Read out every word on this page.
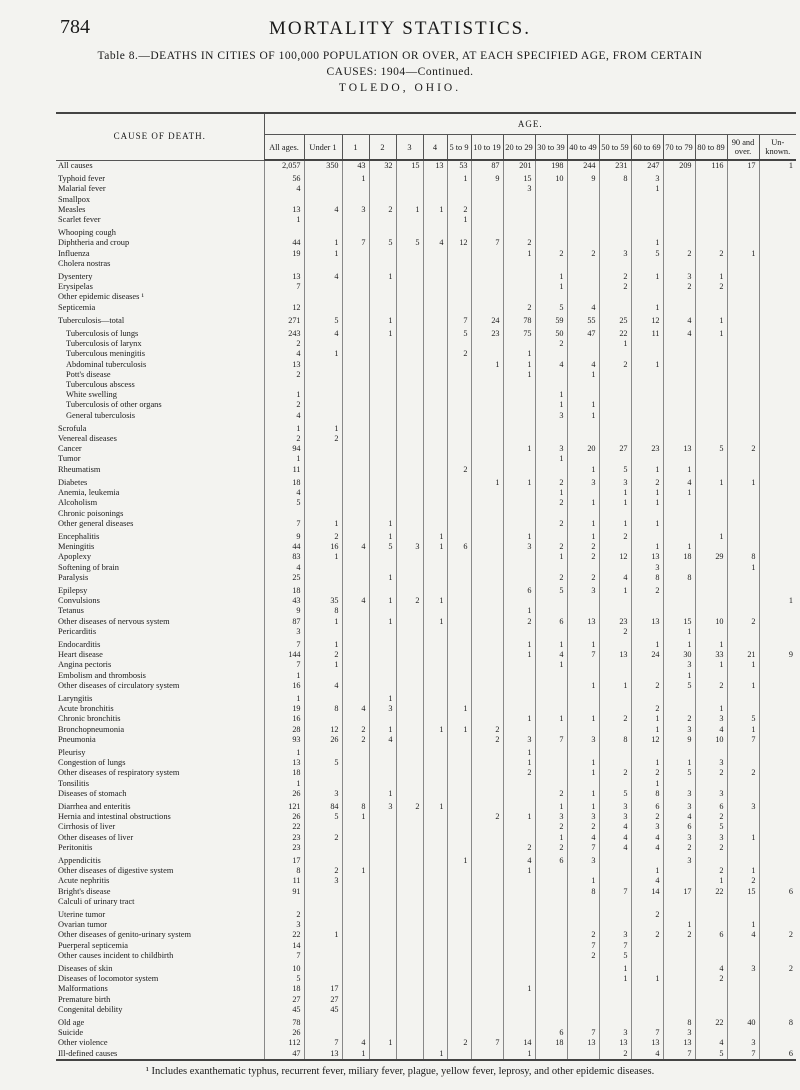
784	MORTALITY STATISTICS.
Table 8.—DEATHS IN CITIES OF 100,000 POPULATION OR OVER, AT EACH SPECIFIED AGE, FROM CERTAIN
CAUSES: 1904—Continued.
TOLEDO, OHIO.
CAUSE OF DEATH.	AGE.																
	All ages.	Under 1	1	2	3	4	5 to 9	10 to 19	20 to 29	30 to 39	40 to 49	50 to 59	60 to 69	70 to 79	80 to 89	90 and over.	Un-known.
All causes	2,057	350	43	32	15	13	53	87	201	198	244	231	247	209	116	17	1
Typhoid fever	56		1				1	9	15	10	9	8	3				
Malarial fever	4								3				1				
Smallpox																	
Measles	13	4	3	2	1	1	2										
Scarlet fever	1						1										
Whooping cough																	
Diphtheria and croup	44	1	7	5	5	4	12	7	2				1				
Influenza	19	1							1	2	2	3	5	2	2	1	
Cholera nostras																	
Dysentery	13	4		1						1		2	1	3	1		
Erysipelas	7									1		2		2	2		
Other epidemic diseases ¹																	
Septicemia	12								2	5	4		1				
Tuberculosis—total	271	5		1			7	24	78	59	55	25	12	4	1		
Tuberculosis of lungs	243	4		1			5	23	75	50	47	22	11	4	1		
Tuberculosis of larynx	2									2		1					
Tuberculous meningitis	4	1					2		1								
Abdominal tuberculosis	13							1	1	4	4	2	1				
Pott's disease	2								1		1						
Tuberculous abscess																	
White swelling	1									1							
Tuberculosis of other organs	2									1	1						
General tuberculosis	4									3	1						
Scrofula	1	1															
Venereal diseases	2	2															
Cancer	94								1	3	20	27	23	13	5	2	
Tumor	1									1							
Rheumatism	11						2				1	5	1	1			
Diabetes	18							1	1	2	3	3	2	4	1	1	
Anemia, leukemia	4									1		1	1	1			
Alcoholism	5									2	1	1	1				
Chronic poisonings																	
Other general diseases	7	1		1						2	1	1	1				
Encephalitis	9	2		1		1			1		1	2			1		
Meningitis	44	16	4	5	3	1	6		3	2	2		1	1			
Apoplexy	83	1								1	2	12	13	18	29	8	
Softening of brain	4												3			1	
Paralysis	25			1						2	2	4	8	8			
Epilepsy	18								6	5	3	1	2				
Convulsions	43	35	4	1	2	1											1
Tetanus	9	8							1								
Other diseases of nervous system	87	1		1		1			2	6	13	23	13	15	10	2	
Pericarditis	3											2		1			
Endocarditis	7	1							1	1	1		1	1	1		
Heart disease	144	2							1	4	7	13	24	30	33	21	9
Angina pectoris	7	1								1				3	1	1	
Embolism and thrombosis	1													1			
Other diseases of circulatory system	16	4									1	1	2	5	2	1	
Laryngitis	1			1													
Acute bronchitis	19	8	4	3			1						2		1		
Chronic bronchitis	16								1	1	1	2	1	2	3	5	
Bronchopneumonia	28	12	2	1		1	1	2					1	3	4	1	
Pneumonia	93	26	2	4				2	3	7	3	8	12	9	10	7	
Pleurisy	1								1								
Congestion of lungs	13	5							1		1		1	1	3		
Other diseases of respiratory system	18								2		1	2	2	5	2	2	
Tonsilitis	1												1				
Diseases of stomach	26	3		1						2	1	5	8	3	3		
Diarrhea and enteritis	121	84	8	3	2	1				1	1	3	6	3	6	3	
Hernia and intestinal obstructions	26	5	1					2	1	3	3	3	2	4	2		
Cirrhosis of liver	22									2	2	4	3	6	5		
Other diseases of liver	23	2								1	4	4	4	3	3	1	
Peritonitis	23								2	2	7	4	4	2	2		
Appendicitis	17						1		4	6	3			3			
Other diseases of digestive system	8	2	1						1				1		2	1	
Acute nephritis	11	3									1		4		1	2	
Bright's disease	91										8	7	14	17	22	15	6
Calculi of urinary tract																	
Uterine tumor	2												2				
Ovarian tumor	3													1		1	
Other diseases of genito-urinary system	22	1									2	3	2	2	6	4	2
Puerperal septicemia	14										7	7					
Other causes incident to childbirth	7										2	5					
Diseases of skin	10											1			4	3	2
Diseases of locomotor system	5											1	1		2		
Malformations	18	17							1								
Premature birth	27	27															
Congenital debility	45	45															
Old age	78													8	22	40	8
Suicide	26									6	7	3	7	3			
Other violence	112	7	4	1			2	7	14	18	13	13	13	13	4	3	
Ill-defined causes	47	13	1			1			1			2	4	7	5	7	6
¹ Includes exanthematic typhus, recurrent fever, miliary fever, plague, yellow fever, leprosy, and other epidemic diseases.
